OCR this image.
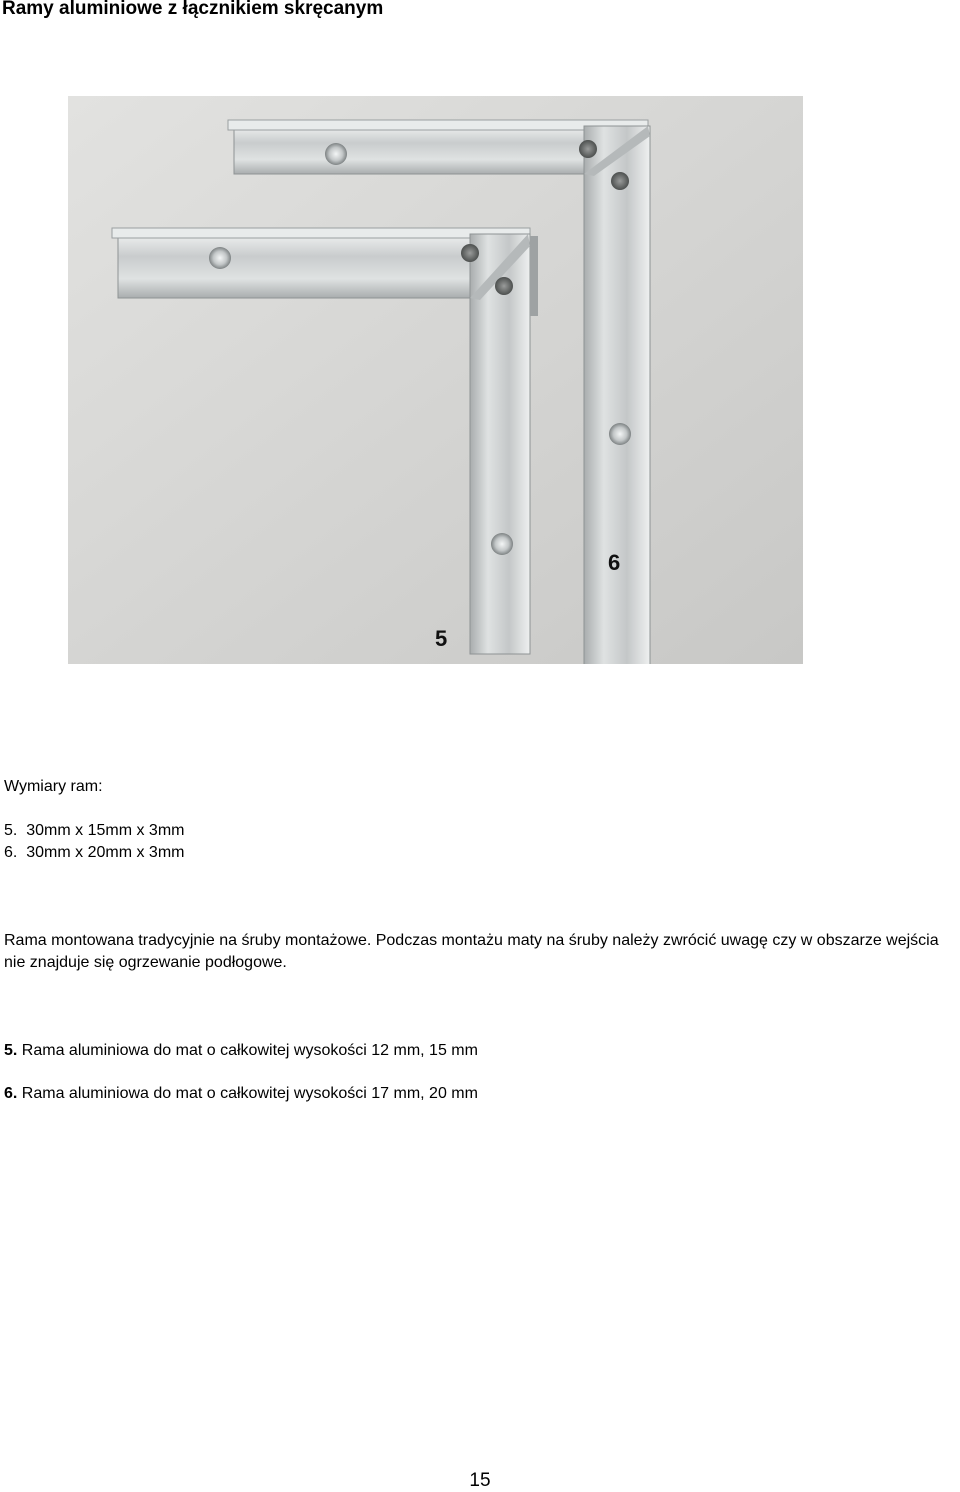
Ramy aluminiowe z łącznikiem skręcanym
6
5

Wymiary ram:

5.  30mm x 15mm x 3mm

6.  30mm x 20mm x 3mm

Rama montowana tradycyjnie na śruby montażowe. Podczas montażu maty na śruby należy zwrócić uwagę czy w obszarze wejścia nie znajduje się ogrzewanie podłogowe.

5. Rama aluminiowa do mat o całkowitej wysokości 12 mm, 15 mm

6. Rama aluminiowa do mat o całkowitej wysokości 17 mm, 20 mm

15
